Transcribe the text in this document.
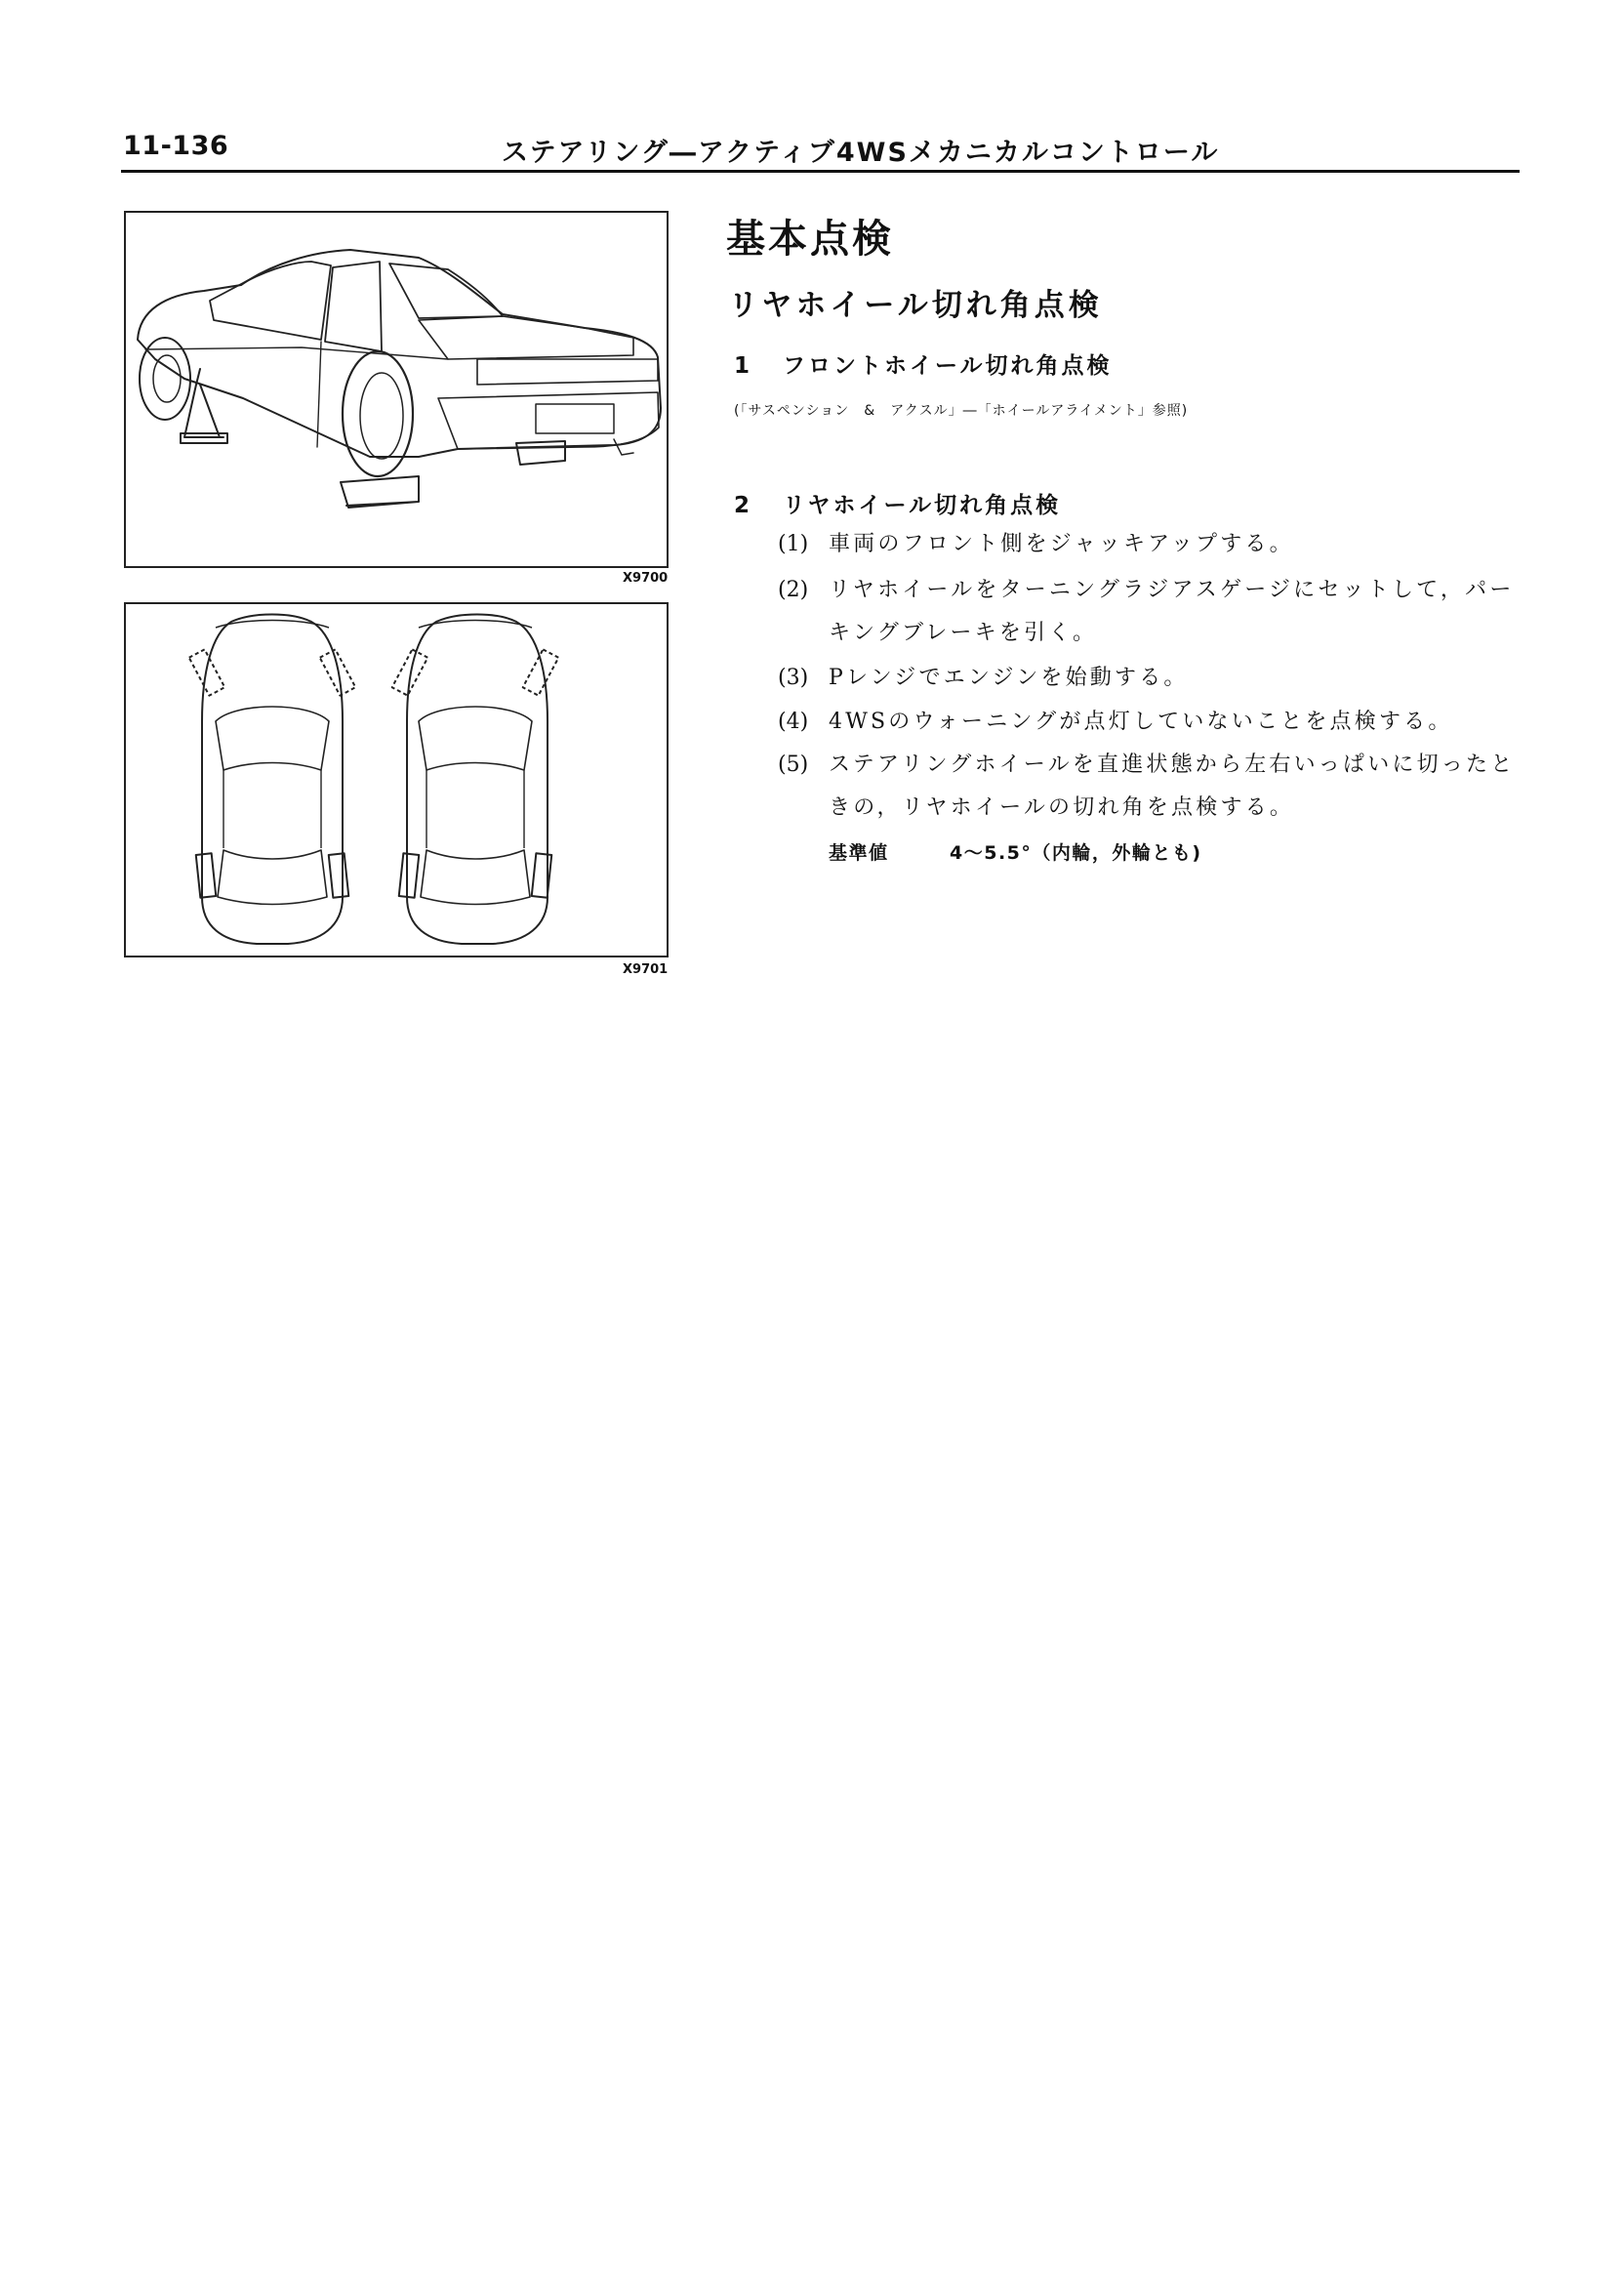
11-136	ステアリング―アクティブ4WSメカニカルコントロール
X9700
X9701
基本点検
リヤホイール切れ角点検
1 フロントホイール切れ角点検
(「サスペンション　&　アクスル」―「ホイールアライメント」参照)
2 リヤホイール切れ角点検
(1) 車両のフロント側をジャッキアップする。
(2) リヤホイールをターニングラジアスゲージにセットして，パー
キングブレーキを引く。
(3) Pレンジでエンジンを始動する。
(4) 4WSのウォーニングが点灯していないことを点検する。
(5) ステアリングホイールを直進状態から左右いっぱいに切ったと
きの，リヤホイールの切れ角を点検する。
基準値	4～5.5°（内輪，外輪とも)
